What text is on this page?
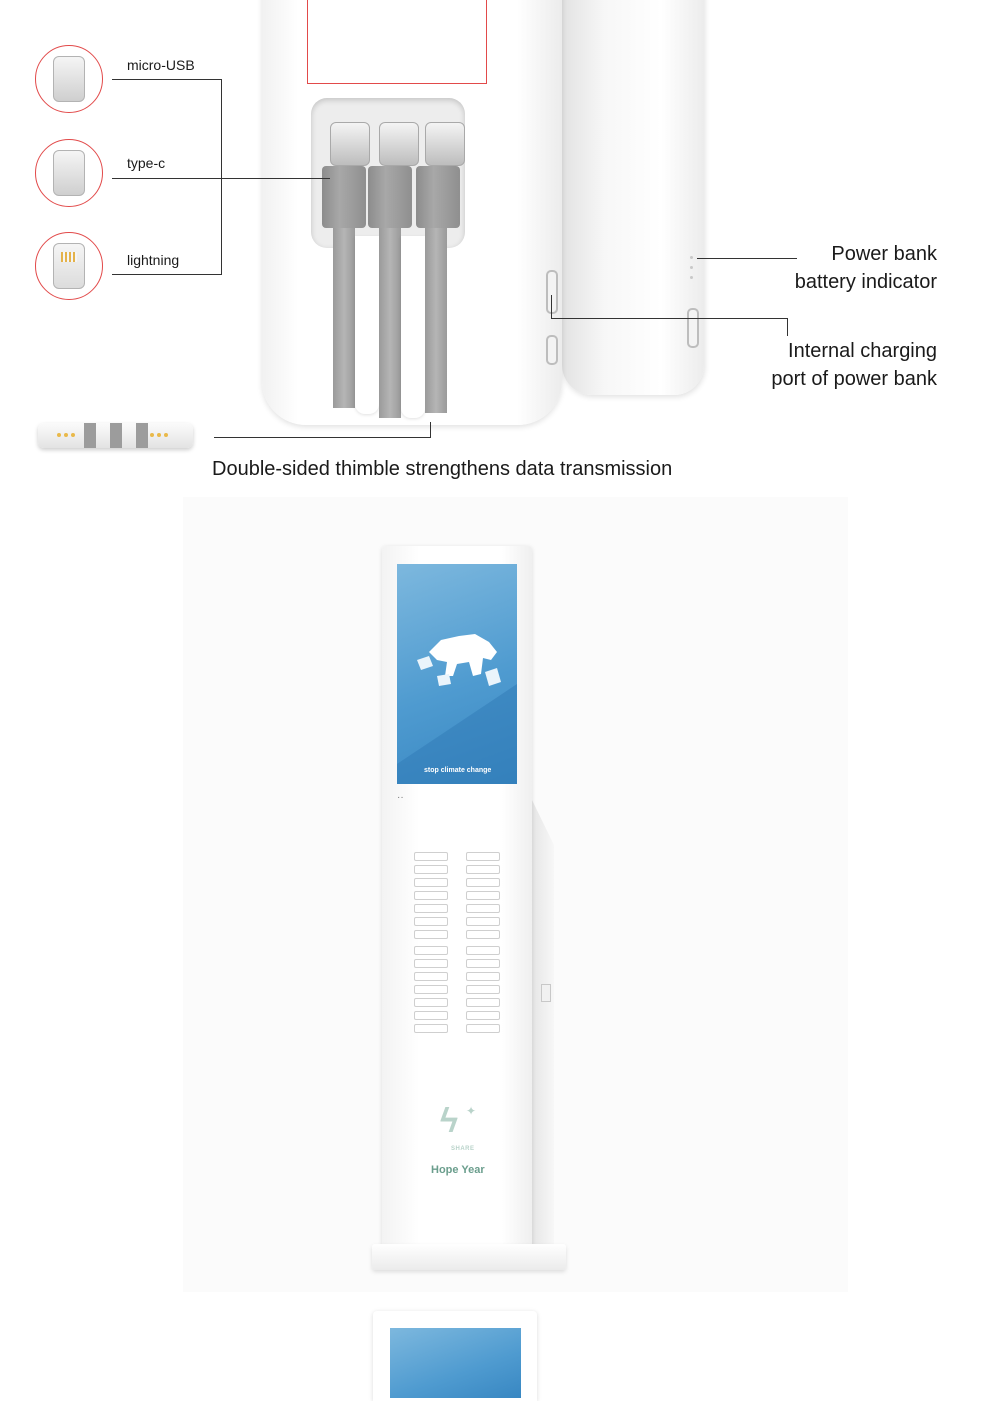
micro-USB
type-c
lightning	Power bank
battery indicator
Internal charging
port of power bank
Double-sided thimble strengthens data transmission
stop climate change
··
ϟ ✦
SHARE
Hope Year
